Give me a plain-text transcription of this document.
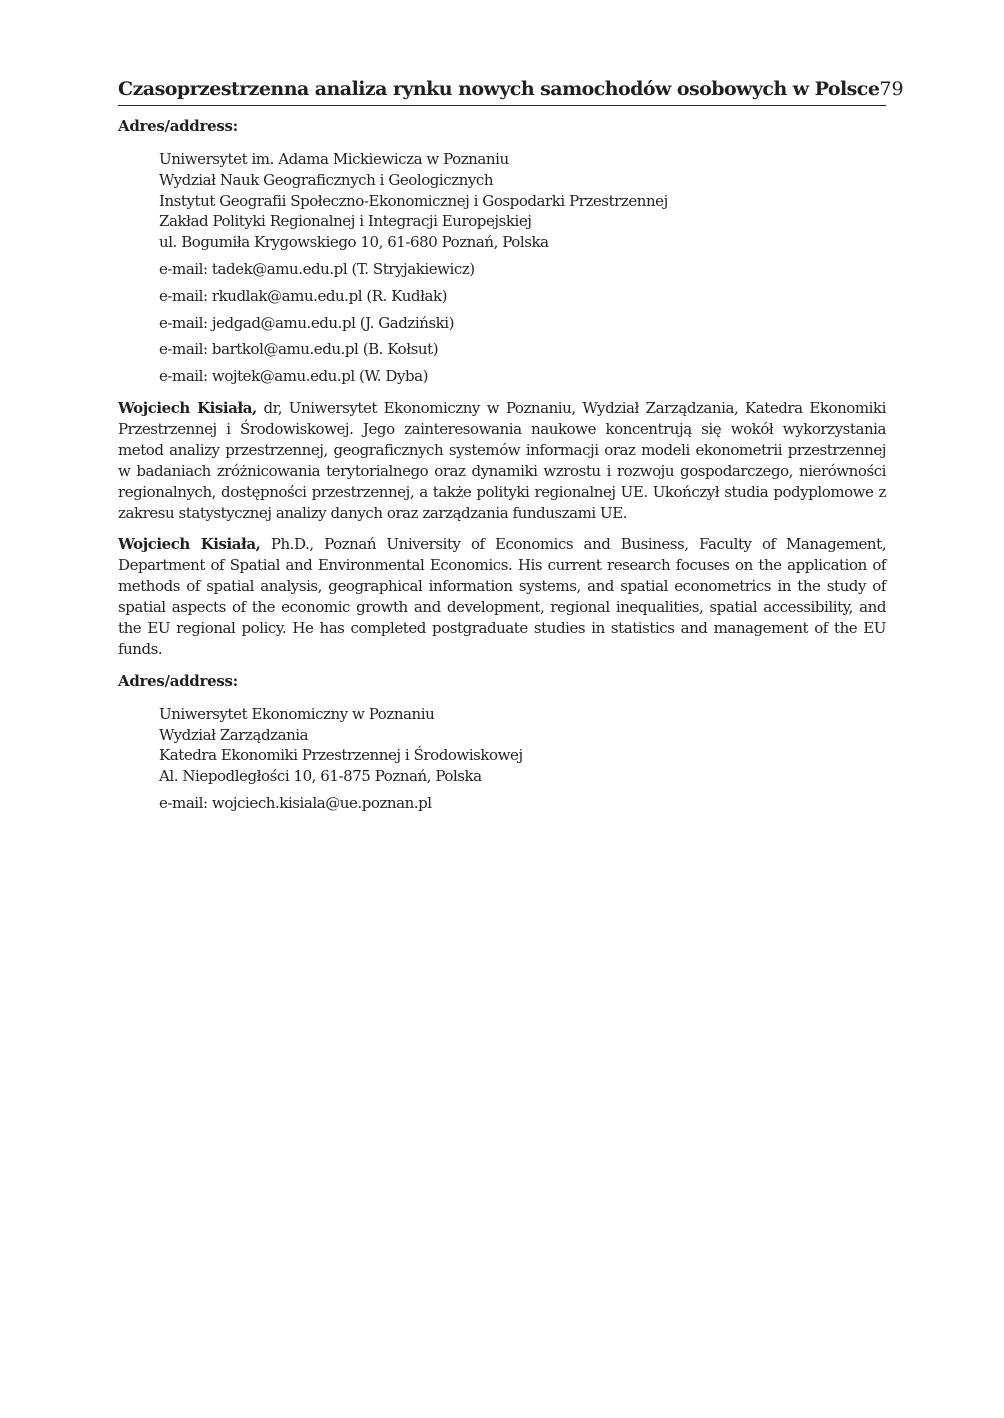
Czasoprzestrzenna analiza rynku nowych samochodów osobowych w Polsce 79
Adres/address:
Uniwersytet im. Adama Mickiewicza w Poznaniu
Wydział Nauk Geograficznych i Geologicznych
Instytut Geografii Społeczno-Ekonomicznej i Gospodarki Przestrzennej
Zakład Polityki Regionalnej i Integracji Europejskiej
ul. Bogumiła Krygowskiego 10, 61-680 Poznań, Polska
e-mail: tadek@amu.edu.pl (T. Stryjakiewicz)
e-mail: rkudlak@amu.edu.pl (R. Kudłak)
e-mail: jedgad@amu.edu.pl (J. Gadziński)
e-mail: bartkol@amu.edu.pl (B. Kołsut)
e-mail: wojtek@amu.edu.pl (W. Dyba)

Wojciech Kisiała, dr, Uniwersytet Ekonomiczny w Poznaniu, Wydział Zarządzania, Katedra Ekonomiki Przestrzennej i Środowiskowej. Jego zainteresowania naukowe koncentrują się wokół wykorzystania metod analizy przestrzennej, geograficznych systemów informacji oraz modeli ekonometrii przestrzennej w badaniach zróżnicowania terytorialnego oraz dynamiki wzrostu i rozwoju gospodarczego, nierówności regionalnych, dostępności przestrzennej, a także polityki regionalnej UE. Ukończył studia podyplomowe z zakresu statystycznej analizy danych oraz zarządzania funduszami UE.

Wojciech Kisiała, Ph.D., Poznań University of Economics and Business, Faculty of Management, Department of Spatial and Environmental Economics. His current research focuses on the application of methods of spatial analysis, geographical information systems, and spatial econometrics in the study of spatial aspects of the economic growth and development, regional inequalities, spatial accessibility, and the EU regional policy. He has completed postgraduate studies in statistics and management of the EU funds.

Adres/address:
Uniwersytet Ekonomiczny w Poznaniu
Wydział Zarządzania
Katedra Ekonomiki Przestrzennej i Środowiskowej
Al. Niepodległości 10, 61-875 Poznań, Polska
e-mail: wojciech.kisiala@ue.poznan.pl
